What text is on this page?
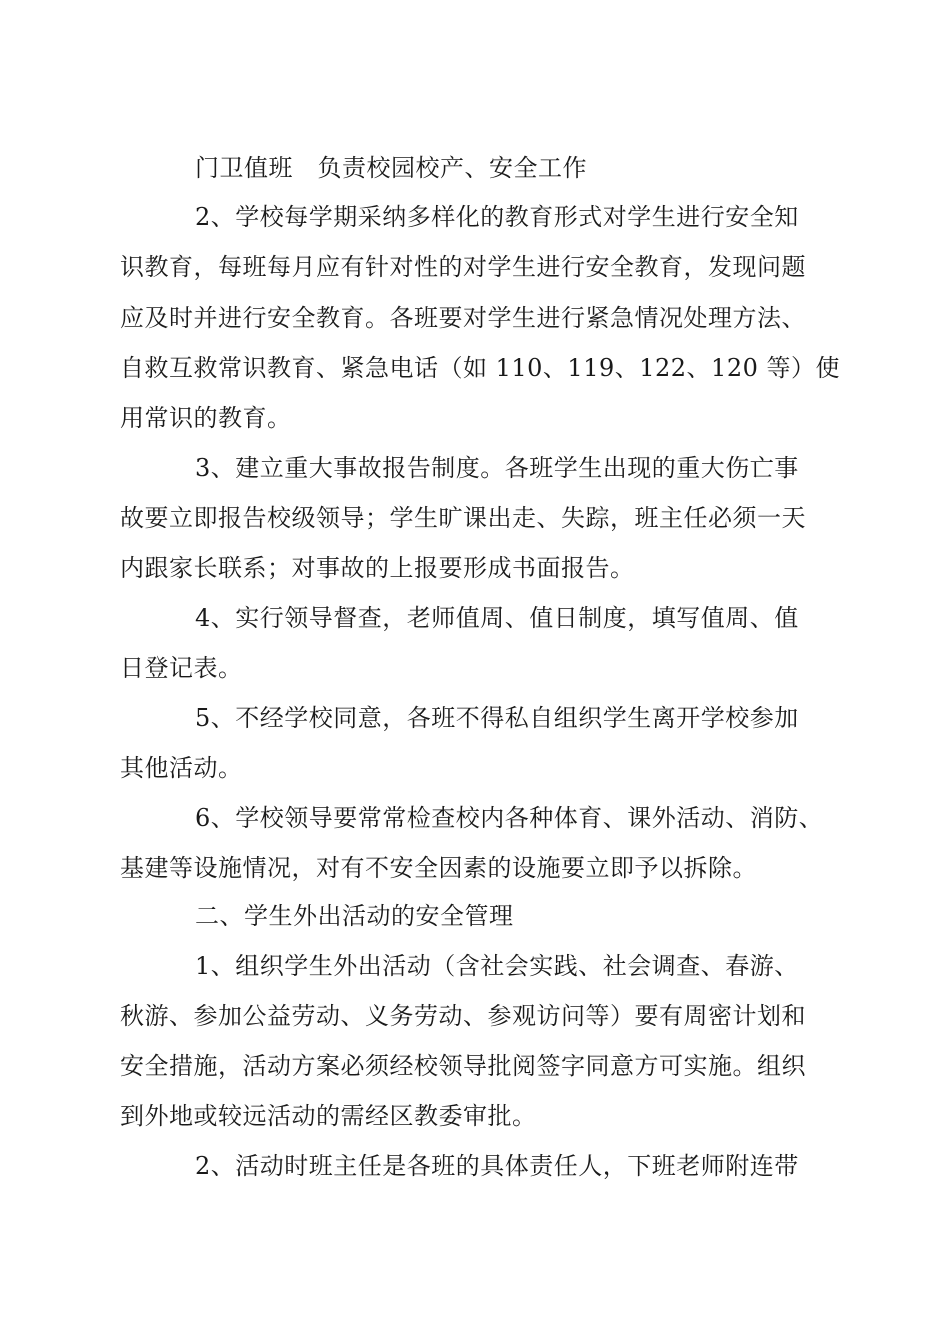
门卫值班　负责校园校产、安全工作
2、学校每学期采纳多样化的教育形式对学生进行安全知
识教育，每班每月应有针对性的对学生进行安全教育，发现问题
应及时并进行安全教育。各班要对学生进行紧急情况处理方法、
自救互救常识教育、紧急电话（如 110、119、122、120 等）使
用常识的教育。
3、建立重大事故报告制度。各班学生出现的重大伤亡事
故要立即报告校级领导；学生旷课出走、失踪，班主任必须一天
内跟家长联系；对事故的上报要形成书面报告。
4、实行领导督查，老师值周、值日制度，填写值周、值
日登记表。
5、不经学校同意，各班不得私自组织学生离开学校参加
其他活动。
6、学校领导要常常检查校内各种体育、课外活动、消防、
基建等设施情况，对有不安全因素的设施要立即予以拆除。
二、学生外出活动的安全管理
1、组织学生外出活动（含社会实践、社会调查、春游、
秋游、参加公益劳动、义务劳动、参观访问等）要有周密计划和
安全措施，活动方案必须经校领导批阅签字同意方可实施。组织
到外地或较远活动的需经区教委审批。
2、活动时班主任是各班的具体责任人，下班老师附连带
